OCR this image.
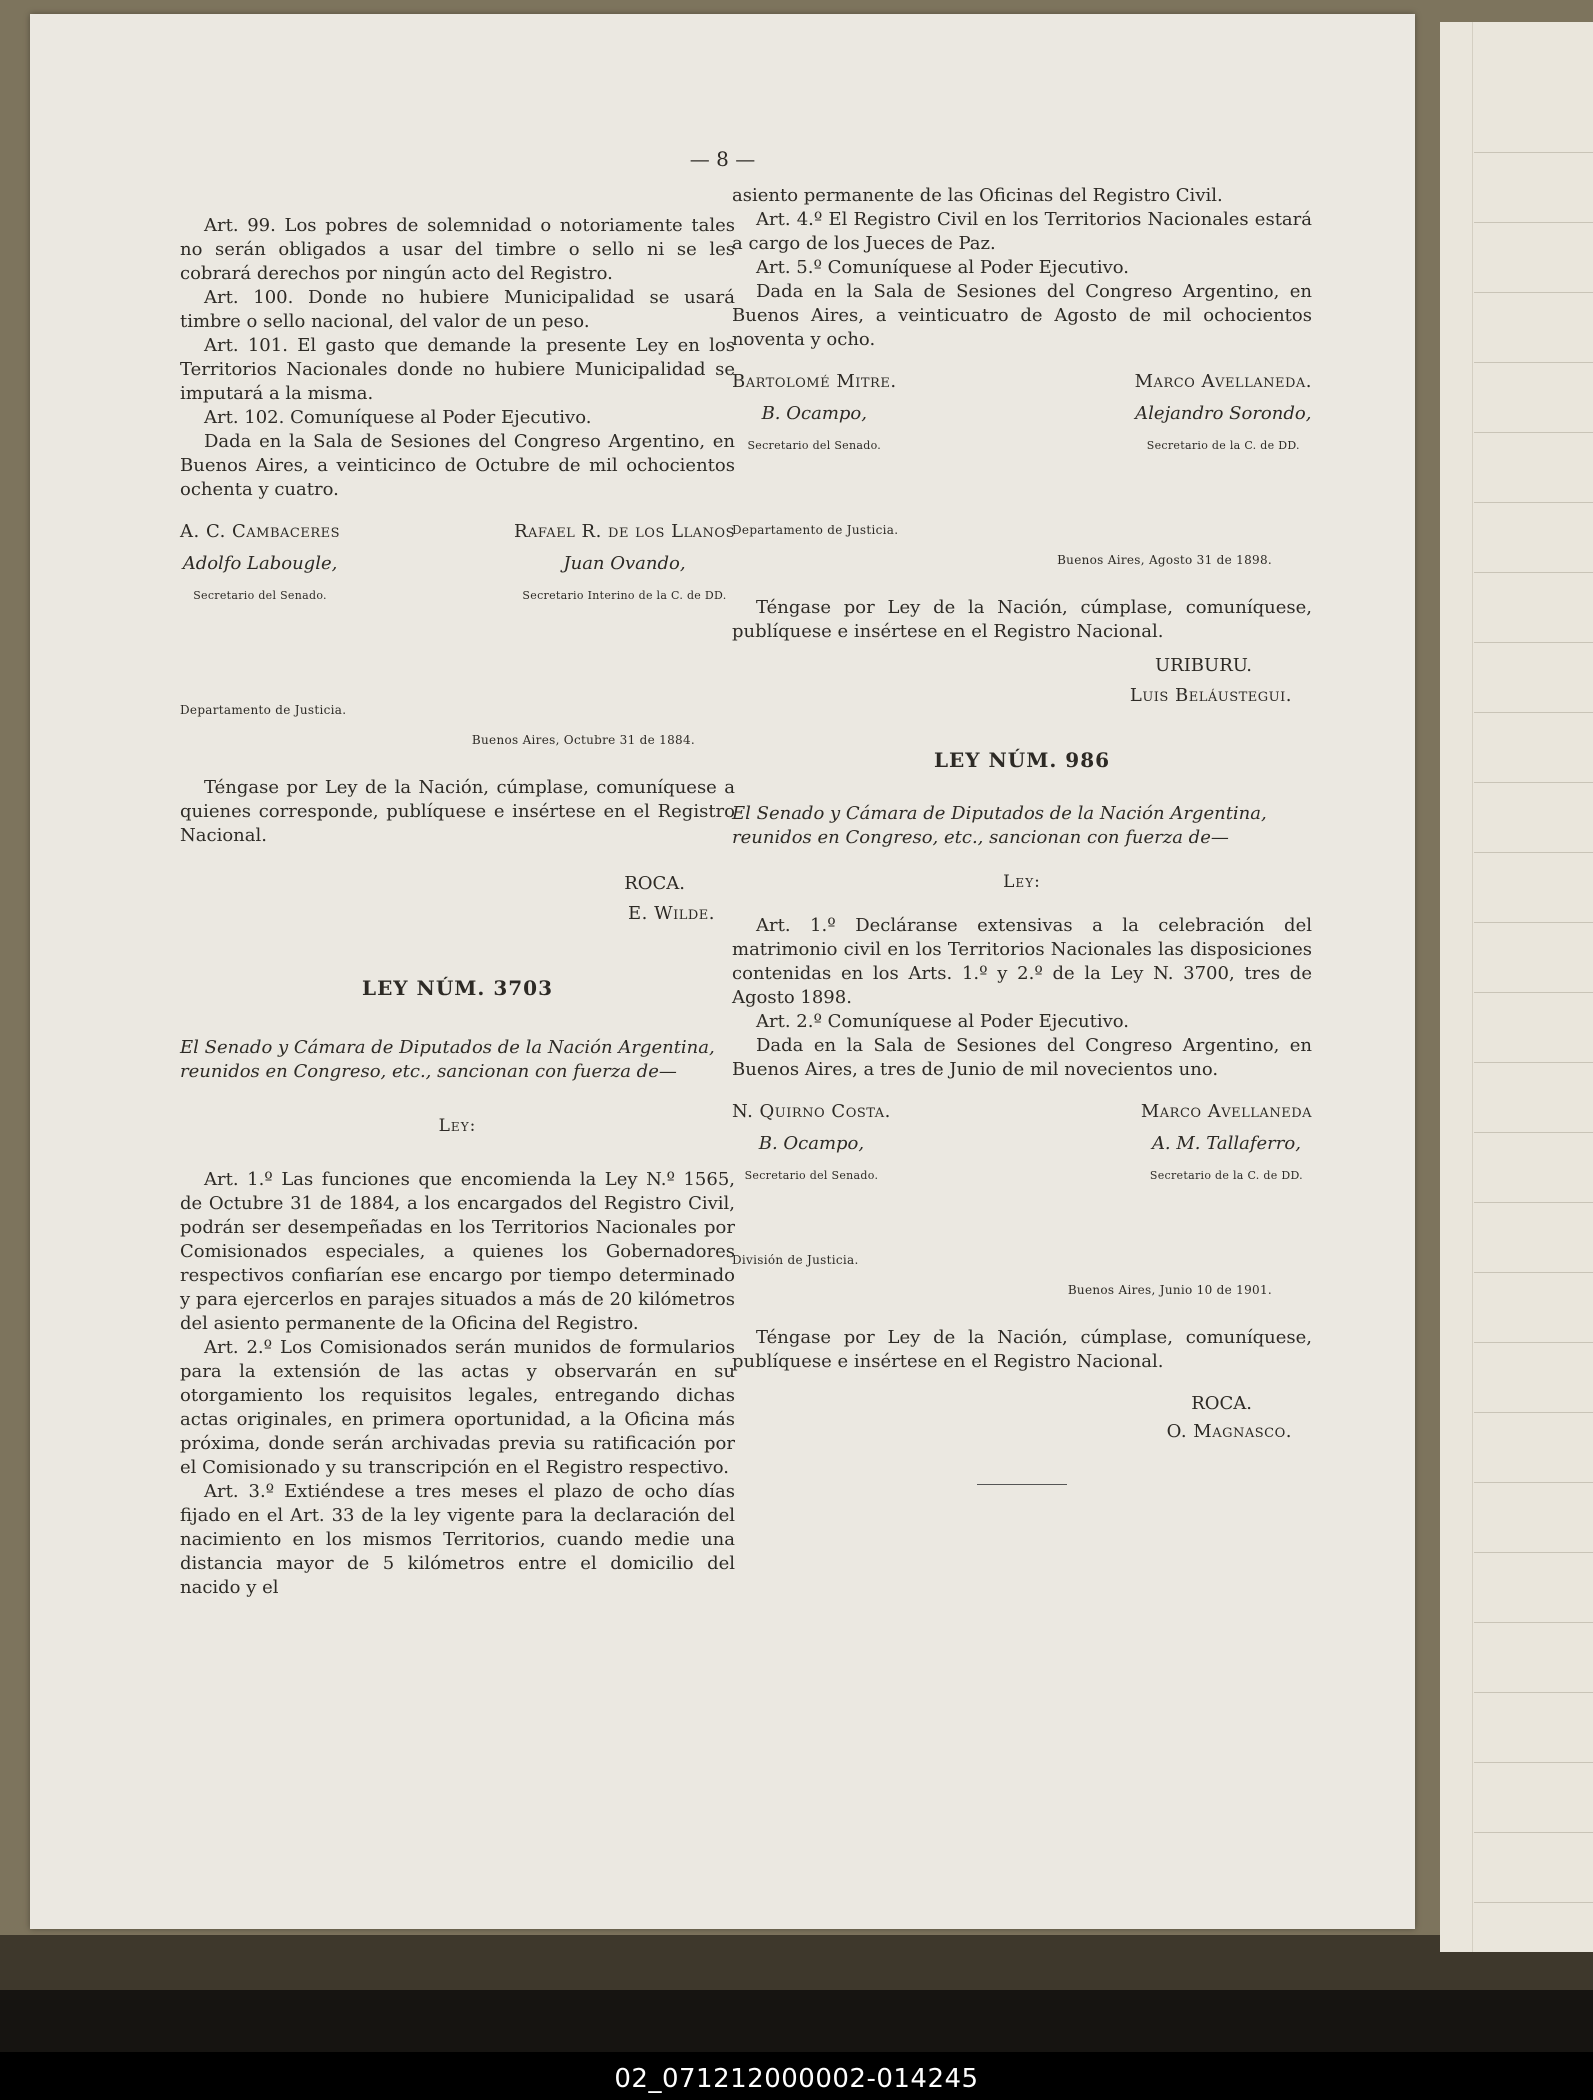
— 8 —

Art. 99. Los pobres de solemnidad o notoriamente tales no serán obligados a usar del timbre o sello ni se les cobrará derechos por ningún acto del Registro.

Art. 100. Donde no hubiere Municipalidad se usará timbre o sello nacional, del valor de un peso.

Art. 101. El gasto que demande la presente Ley en los Territorios Nacionales donde no hubiere Municipalidad se imputará a la misma.

Art. 102. Comuníquese al Poder Ejecutivo.

Dada en la Sala de Sesiones del Congreso Argentino, en Buenos Aires, a veinticinco de Octubre de mil ochocientos ochenta y cuatro.

A. C. Cambaceres
Adolfo Labougle,
Secretario del Senado.
Rafael R. de los Llanos
Juan Ovando,
Secretario Interino de la C. de DD.
Departamento de Justicia.
Buenos Aires, Octubre 31 de 1884.

Téngase por Ley de la Nación, cúmplase, comuníquese a quienes corresponde, publíquese e insértese en el Registro Nacional.

ROCA.
E. Wilde.
LEY NÚM. 3703

El Senado y Cámara de Diputados de la Nación Argentina, reunidos en Congreso, etc., sancionan con fuerza de—

Ley:

Art. 1.º Las funciones que encomienda la Ley N.º 1565, de Octubre 31 de 1884, a los encargados del Registro Civil, podrán ser desempeñadas en los Territorios Nacionales por Comisionados especiales, a quienes los Gobernadores respectivos confiarían ese encargo por tiempo determinado y para ejercerlos en parajes situados a más de 20 kilómetros del asiento permanente de la Oficina del Registro.

Art. 2.º Los Comisionados serán munidos de formularios para la extensión de las actas y observarán en su otorgamiento los requisitos legales, entregando dichas actas originales, en primera oportunidad, a la Oficina más próxima, donde serán archivadas previa su ratificación por el Comisionado y su transcripción en el Registro respectivo.

Art. 3.º Extiéndese a tres meses el plazo de ocho días fijado en el Art. 33 de la ley vigente para la declaración del nacimiento en los mismos Territorios, cuando medie una distancia mayor de 5 kilómetros entre el domicilio del nacido y el

asiento permanente de las Oficinas del Registro Civil.

Art. 4.º El Registro Civil en los Territorios Nacionales estará a cargo de los Jueces de Paz.

Art. 5.º Comuníquese al Poder Ejecutivo.

Dada en la Sala de Sesiones del Congreso Argentino, en Buenos Aires, a veinticuatro de Agosto de mil ochocientos noventa y ocho.

Bartolomé Mitre.
B. Ocampo,
Secretario del Senado.
Marco Avellaneda.
Alejandro Sorondo,
Secretario de la C. de DD.
Departamento de Justicia.
Buenos Aires, Agosto 31 de 1898.

Téngase por Ley de la Nación, cúmplase, comuníquese, publíquese e insértese en el Registro Nacional.

URIBURU.
Luis Beláustegui.
LEY NÚM. 986

El Senado y Cámara de Diputados de la Nación Argentina, reunidos en Congreso, etc., sancionan con fuerza de—

Ley:

Art. 1.º Decláranse extensivas a la celebración del matrimonio civil en los Territorios Nacionales las disposiciones contenidas en los Arts. 1.º y 2.º de la Ley N. 3700, tres de Agosto 1898.

Art. 2.º Comuníquese al Poder Ejecutivo.

Dada en la Sala de Sesiones del Congreso Argentino, en Buenos Aires, a tres de Junio de mil novecientos uno.

N. Quirno Costa.
B. Ocampo,
Secretario del Senado.
Marco Avellaneda
A. M. Tallaferro,
Secretario de la C. de DD.
División de Justicia.
Buenos Aires, Junio 10 de 1901.

Téngase por Ley de la Nación, cúmplase, comuníquese, publíquese e insértese en el Registro Nacional.

ROCA.
O. Magnasco.
02_071212000002-014245
